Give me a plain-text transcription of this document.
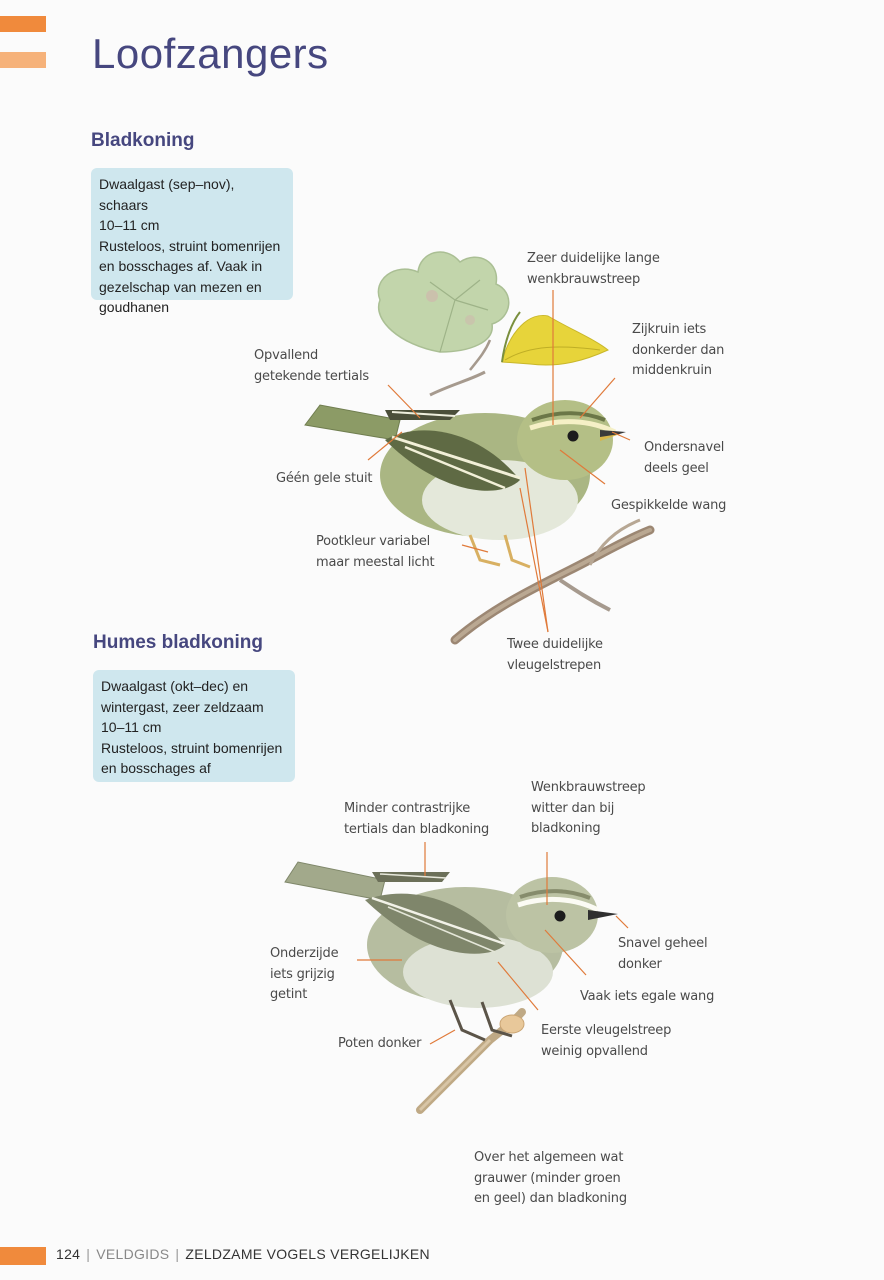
Loofzangers
Bladkoning
Dwaalgast (sep–nov), schaars
10–11 cm
Rusteloos, struint bomenrijen
en bosschages af. Vaak in
gezelschap van mezen en
goudhanen
Humes bladkoning
Dwaalgast (okt–dec) en
wintergast, zeer zeldzaam
10–11 cm
Rusteloos, struint bomenrijen
en bosschages af
Zeer duidelijke lange
wenkbrauwstreep
Zijkruin iets
donkerder dan
middenkruin
Opvallend
getekende tertials
Ondersnavel
deels geel
Géén gele stuit
Gespikkelde wang
Pootkleur variabel
maar meestal licht
Twee duidelijke
vleugelstrepen
Wenkbrauwstreep
witter dan bij
bladkoning
Minder contrastrijke
tertials dan bladkoning
Snavel geheel
donker
Onderzijde
iets grijzig
getint	Vaak iets egale wang
Poten donker
Eerste vleugelstreep
weinig opvallend
Over het algemeen wat
grauwer (minder groen
en geel) dan bladkoning
124 | VELDGIDS | ZELDZAME VOGELS VERGELIJKEN
